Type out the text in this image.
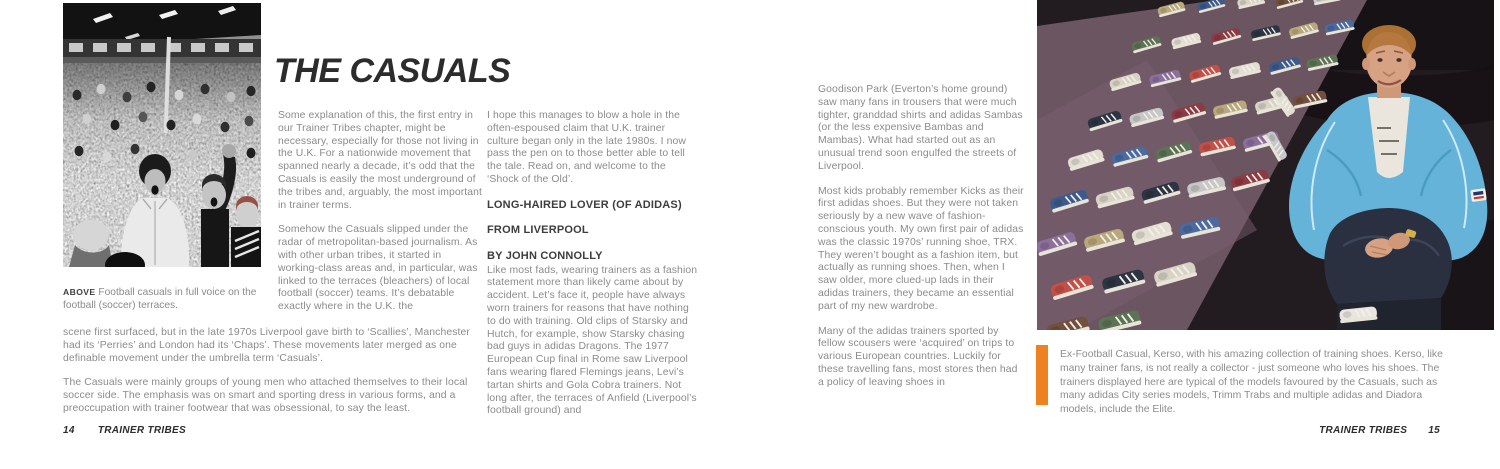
ABOVE Football casuals in full voice on the football (soccer) terraces.

THE CASUALS

Some explanation of this, the first entry in our Trainer Tribes chapter, might be necessary, especially for those not living in the U.K. For a nationwide movement that spanned nearly a decade, it’s odd that the Casuals is easily the most underground of the tribes and, arguably, the most important in trainer terms.

Somehow the Casuals slipped under the radar of metropolitan-based journalism. As with other urban tribes, it started in working-class areas and, in particular, was linked to the terraces (bleachers) of local football (soccer) teams. It’s debatable exactly where in the U.K. the

I hope this manages to blow a hole in the often-espoused claim that U.K. trainer culture began only in the late 1980s. I now pass the pen on to those better able to tell the tale. Read on, and welcome to the ‘Shock of the Old’.

LONG-HAIRED LOVER (OF ADIDAS)

FROM LIVERPOOL

BY JOHN CONNOLLY

Like most fads, wearing trainers as a fashion statement more than likely came about by accident. Let’s face it, people have always worn trainers for reasons that have nothing to do with training. Old clips of Starsky and Hutch, for example, show Starsky chasing bad guys in adidas Dragons. The 1977 European Cup final in Rome saw Liverpool fans wearing flared Flemings jeans, Levi’s tartan shirts and Gola Cobra trainers. Not long after, the terraces of Anfield (Liverpool’s football ground) and

scene first surfaced, but in the late 1970s Liverpool gave birth to ‘Scallies’, Manchester had its ‘Perries’ and London had its ‘Chaps’. These movements later merged as one definable movement under the umbrella term ‘Casuals’.

The Casuals were mainly groups of young men who attached themselves to their local soccer side. The emphasis was on smart and sporting dress in various forms, and a preoccupation with trainer footwear that was obsessional, to say the least.

14 TRAINER TRIBES

Goodison Park (Everton’s home ground) saw many fans in trousers that were much tighter, granddad shirts and adidas Sambas (or the less expensive Bambas and Mambas). What had started out as an unusual trend soon engulfed the streets of Liverpool.

Most kids probably remember Kicks as their first adidas shoes. But they were not taken seriously by a new wave of fashion-conscious youth. My own first pair of adidas was the classic 1970s’ running shoe, TRX. They weren’t bought as a fashion item, but actually as running shoes. Then, when I saw older, more clued-up lads in their adidas trainers, they became an essential part of my new wardrobe.

Many of the adidas trainers sported by fellow scousers were ‘acquired’ on trips to various European countries. Luckily for these travelling fans, most stores then had a policy of leaving shoes in

Ex-Football Casual, Kerso, with his amazing collection of training shoes. Kerso, like many trainer fans, is not really a collector - just someone who loves his shoes. The trainers displayed here are typical of the models favoured by the Casuals, such as many adidas City series models, Trimm Trabs and multiple adidas and Diadora models, include the Elite.

TRAINER TRIBES 15
